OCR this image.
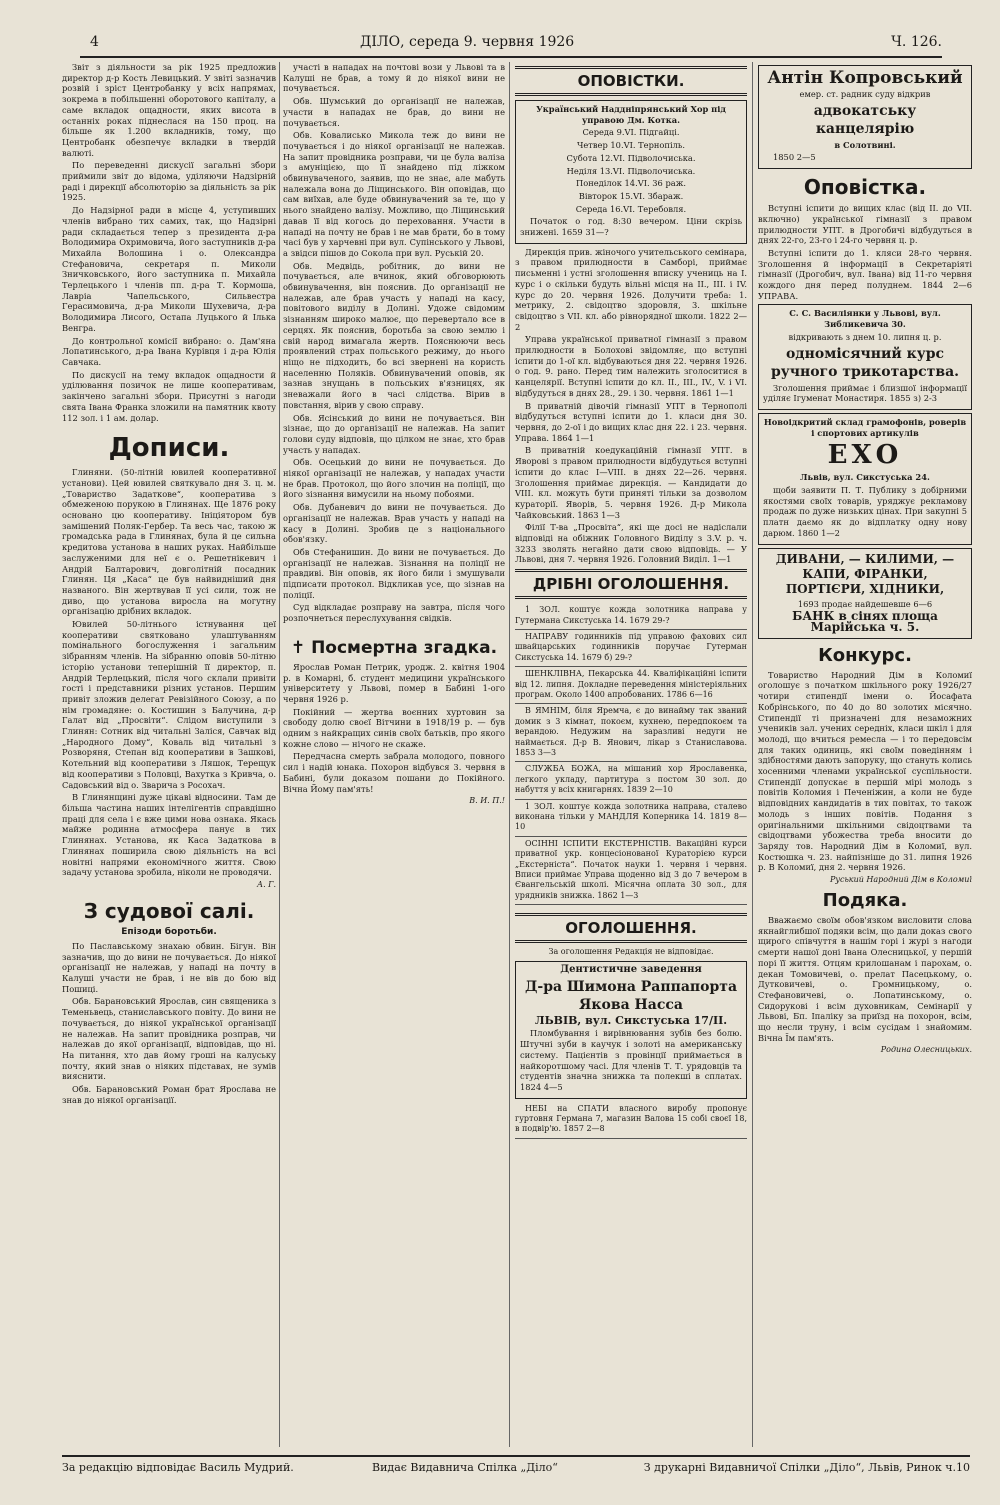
4	ДІЛО, середа 9. червня 1926	Ч. 126.

Звіт з діяльности за рік 1925 предложив директор д-р Кость Левицький. У звіті зазначив розвій і зріст Центробанку у всіх напрямах, зокрема в побільшенні оборотового капіталу, а саме вкладок ощадности, яких висота в останніх роках піднеслася на 150 проц. на більше як 1.200 вкладників, тому, що Центробанк обезпечує вкладки в твердій валюті.

По переведенні дискусії загальні збори приймили звіт до відома, уділяючи Надзірній раді і дирекції абсолюторію за діяльність за рік 1925.

До Надзірної ради в місце 4, уступивших членів вибрано тих самих, так, що Надзірні ради складається тепер з президента д-ра Володимира Охримовича, його заступників д-ра Михайла Волошина і о. Олександра Стефановича, секретаря п. Миколи Зничковського, його заступника п. Михайла Терлецького і членів пп. д-ра Т. Кормоша, Лавріа Чапельського, Сильвестра Герасимовича, д-ра Миколи Шухевича, д-ра Володимира Лисого, Остапа Луцького й Ілька Венгра.

До контрольної комісії вибрано: о. Дам'яна Лопатинського, д-ра Івана Курівця і д-ра Юлія Савчака.

По дискусії на тему вкладок ощадности й уділювання позичок не лише кооперативам, закінчено загальні збори. Присутні з нагоди свята Івана Франка зложили на памятник квоту 112 зол. і 1 ам. долар.

Дописи.

Глиняни. (50-літній ювилей кооперативної установи). Цей ювилей святкувало дня 3. ц. м. „Товариство Задаткове“, кооператива з обмеженою порукою в Глинянах. Ще 1876 року основано цю кооперативу. Ініціятором був замішений Поляк-Гербер. Та весь час, такою ж громадська рада в Глинянах, була й це сильна кредитова установа в наших руках. Найбільше заслуженими для неї є о. Решетнікевич і Андрій Балтарович, довголітній посадник Глинян. Ця „Каса“ це був найвидніший дня названого. Він жертвував її усі сили, тож не диво, що установа виросла на могутну організацію дрібних вкладок.

Ювилей 50-літнього істнування цеї кооперативи святковано улаштуванням помінального богослуження і загальним зібранням членів. На зібранню оповів 50-літню історію установи теперішній її директор, п. Андрій Терлецький, після чого склали привіти гості і представники різних установ. Першим привіт зложив делегат Ревізійного Союзу, а по нім громадяне: о. Костишин з Балучина, д-р Галат від „Просвіти“. Слідом виступили з Глинян: Сотник від читальні Заліся, Савчак від „Народного Дому“, Коваль від читальні з Розворяня, Степан від кооперативи в Зашкові, Котельний від кооперативи з Ляшок, Терещук від кооперативи з Половці, Вахутка з Кривча, о. Садовський від о. Зварича з Росохач.

В Глинянщині дуже цікаві відносини. Там де більша частина наших інтелігентів справдішно праці для села і є вже цими нова ознака. Якась майже родинна атмосфера панує в тих Глинянах. Установа, як Каса Задаткова в Глинянах поширила свою діяльність на всі новітні напрями економічного життя. Свою задачу установа зробила, ніколи не проводячи.

А. Г.
З судової салі.
Епізоди боротьби.

По Паславському знахаю обвин. Бігун. Він зазначив, що до вини не почувається. До ніякої організації не належав, у нападі на почту в Калуші участи не брав, і не вів до бою від Пошиці.

Обв. Барановський Ярослав, син священика з Теменьвець, станиславського повіту. До вини не почувається, до ніякої української організації не належав. На запит провідника розправ, чи належав до якої організації, відповідав, що ні. На питання, хто дав йому гроші на калуську почту, який знав о ніяких підставах, не зумів вияснити.

Обв. Барановський Роман брат Ярослава не знав до ніякої організації.

участі в нападах на почтові вози у Львові та в Калуші не брав, а тому й до ніякої вини не почувається.

Обв. Шумський до організації не належав, участи в нападах не брав, до вини не почувається.

Обв. Ковалисько Микола теж до вини не почувається і до ніякої організації не належав. На запит провідника розправи, чи це була валіза з амуніцією, що її знайдено під ліжком обвинуваченого, заявив, що не знає, але мабуть належала вона до Ліщинського. Він оповідав, що сам виїхав, але буде обвинувачений за те, що у нього знайдено валізу. Можливо, що Ліщинський давав її від когось до переховання. Участи в нападі на почту не брав і не мав брати, бо в тому часі був у харчевні при вул. Супінського у Львові, а звідси пішов до Сокола при вул. Руській 20.

Обв. Медвідь, робітник, до вини не почувається, але вчинок, який обговорюють обвинувачення, він пояснив. До організації не належав, але брав участь у нападі на касу, повітового виділу в Долині. Удоже свідомим зізнанням широко малює, що перевертало все в серцях. Як пояснив, боротьба за свою землю і свій народ вимагала жертв. Пояснюючи весь проявлений страх польського режиму, до нього ніщо не підходить, бо всі звернені на користь населенню Поляків. Обвинувачений оповів, як зазнав знущань в польських в'язницях, як зневажали його в часі слідства. Вірив в повстання, вірив у свою справу.

Обв. Ясінський до вини не почувається. Він зізнає, що до організації не належав. На запит голови суду відповів, що цілком не знає, хто брав участь у нападах.

Обв. Осецький до вини не почувається. До ніякої організації не належав, у нападах участи не брав. Протокол, що його злочин на поліції, що його зізнання вимусили на ньому побоями.

Обв. Дубаневич до вини не почувається. До організації не належав. Врав участь у нападі на касу в Долині. Зробив це з національного обов'язку.

Обв Стефанишин. До вини не почувається. До організації не належав. Зізнання на поліції не правдиві. Він оповів, як його били і змушували підписати протокол. Відкликав усе, що зізнав на поліції.

Суд відкладає розправу на завтра, після чого розпочнеться переслухування свідків.

✝ Посмертна згадка.

Ярослав Роман Петрик, уродж. 2. квітня 1904 р. в Комарні, б. студент медицини українського університету у Львові, помер в Бабині 1-ого червня 1926 р.

Покійний — жертва воєнних хуртовин за свободу долю своєї Вітчини в 1918/19 р. — був одним з найкращих синів своїх батьків, про якого кожне слово — нічого не скаже.

Передчасна смерть забрала молодого, повного сил і надій юнака. Похорон відбувся 3. червня в Бабині, були доказом пошани до Покійного. Вічна Йому пам'ять!

В. И. П.!
ОПОВІСТКИ.

Український Наддніпрянський Хор під управою Дм. Котка.

Середа 9.VI. Підгайці.

Четвер 10.VI. Тернопіль.

Субота 12.VI. Підволочиська.

Неділя 13.VI. Підволочиська.

Понеділок 14.VI. 36 раж.

Вівторок 15.VI. Збараж.

Середа 16.VI. Теребовля.

Початок о год. 8:30 вечером. Ціни скрізь знижені. 1659 31—?

Дирекція прив. жіночого учительського семінара, з правом прилюдности в Самборі, приймає письменні і устні зголошення вписку учениць на I. курс і о скільки будуть вільні місця на II., III. і IV. курс до 20. червня 1926. Долучити треба: 1. метрику, 2. свідоцтво здоровля, 3. шкільне свідоцтво з VII. кл. або рівнорядної школи. 1822 2—2

Управа української приватної гімназії з правом прилюдности в Болохові звідомляє, що вступні іспити до 1-ої кл. відбуваються дня 22. червня 1926. о год. 9. рано. Перед тим належить зголоситися в канцелярії. Вступні іспити до кл. II., III., IV., V. і VI. відбудуться в днях 28., 29. і 30. червня. 1861 1—1

В приватній дівочій гімназії УПТ в Тернополі відбудуться вступні іспити до 1. класи дня 30. червня, до 2-ої і до вищих клас дня 22. і 23. червня. Управа. 1864 1—1

В приватній коедукаційній гімназії УПТ. в Яворові з правом прилюдности відбудуться вступні іспити до клас I—VIII. в днях 22—26. червня. Зголошення приймає дирекція. — Кандидати до VIII. кл. можуть бути приняті тільки за дозволом кураторії. Яворів, 5. червня 1926. Д-р Микола Чайковський. 1863 1—3

Філії Т-ва „Просвіта“, які ще досі не надіслали відповіді на обіжник Головного Виділу з 3.V. р. ч. 3233 зволять негайно дати свою відповідь. — У Львові, дня 7. червня 1926. Головний Виділ. 1—1

ДРІБНІ ОГОЛОШЕННЯ.

1 ЗОЛ. коштує кожда золотника направа у Гутермана Сикстуська 14. 1679 29-?

НАПРАВУ годинників під управою фахових сил швайцарських годинників поручає Гутерман Сикстуська 14. 1679 б) 29-?

ШЕНКЛІВНА, Пекарська 44. Кваліфікаційні іспити від 12. липня. Докладне переведення міністеріяльних програм. Около 1400 апробованих. 1786 6—16

В ЯМНІМ, біля Яремча, є до винайму так званий домик з 3 кімнат, покоєм, кухнею, передпокоєм та верандою. Недужим на заразливі недуги не наймається. Д-р В. Янович, лікар з Станиславова. 1853 3—3

СЛУЖБА БОЖА, на мішаний хор Ярославенка, легкого укладу, партитура з постом 30 зол. до набуття у всіх книгарнях. 1839 2—10

1 ЗОЛ. коштує кожда золотника направа, сталево виконана тільки у МАНДЛЯ Коперника 14. 1819 8—10

ОСІННІ ІСПИТИ ЕКСТЕРНІСТІВ. Вакаційні курси приватної укр. концесіонованої Кураторією курси „Екстерніста“. Початок науки 1. червня і червня. Вписи приймає Управа щоденно від 3 до 7 вечером в Євангельській школі. Місячна оплата 30 зол., для урядників знижка. 1862 1—3

ОГОЛОШЕННЯ.

За оголошення Редакція не відповідає.

Дентистичне заведення

Д-ра Шимона Раппапорта Якова Насса

ЛЬВІВ, вул. Сикстуська 17/II.

Пломбування і вирівнювання зубів без болю. Штучні зуби в каучук і золоті на американську систему. Пацієнтів з провінції приймається в найкоротшому часі. Для членів Т. Т. урядовців та студентів значна знижка та полекші в сплатах. 1824 4—5

НЕБІ на СПАТИ власного виробу пропонує гуртовня Германа 7, магазин Валова 15 собі своєї 18, в подвір'ю. 1857 2—8

Антін Копровський

емер. ст. радник суду відкрив

адвокатську канцелярію

в Солотвині.

1850 2—5

Оповістка.

Вступні іспити до вищих клас (від II. до VII. включно) української гімназії з правом прилюдности УПТ. в Дрогобичі відбудуться в днях 22-го, 23-го і 24-го червня ц. р.

Вступні іспити до 1. кляси 28-го червня. Зголошення й інформації в Секретаріяті гімназії (Дрогобич, вул. Івана) від 11-го червня кождого дня перед полуднем. 1844 2—6 УПРАВА.

С. С. Василіянки у Львові, вул. Зибликевича 30.

відкривають з днем 10. липня ц. р.

одномісячний курс ручного трикотарства.

Зголошення приймає і близшої інформації уділяє Ігуменат Монастиря. 1855 з) 2-3

Новоідкритий склад грамофонів, роверів і спортових артикулів

ЕХО

Львів, вул. Сикстуська 24.

щоби заявити П. Т. Публику з добірними якостями своїх товарів, уряджує рекламову продаж по дуже низьких цінах. При закупні 5 платн даємо як до відплатку одну нову дарюм. 1860 1—2

ДИВАНИ, — КИЛИМИ, — КАПИ, ФІРАНКИ, ПОРТІЄРИ, ХІДНИКИ,

1693 продає найдешевше 6—6

БАНК в сінях площа Марійська ч. 5.

Конкурс.

Товариство Народний Дім в Коломиї оголошує з початком шкільного року 1926/27 чотири стипендії імени о. Йосафата Кобрінського, по 40 до 80 золотих місячно. Стипендії ті призначені для незаможних учеників зал. учених середніх, класи шкіл і для молоді, що вчиться ремесла — і то передовсім для таких одиниць, які своїм поведінням і здібностями дають запоруку, що стануть колись хосенними членами української суспільности. Стипендії допускає в першій мірі молодь з повітів Коломия і Печеніжин, а коли не буде відповідних кандидатів в тих повітах, то також молодь з інших повітів. Подання з оригінальними шкільними свідоцтвами та свідоцтвами убожества треба вносити до Заряду тов. Народний Дім в Коломиї, вул. Костюшка ч. 23. найпізніше до 31. липня 1926 р. В Коломиї, дня 2. червня 1926.

Руський Народний Дім в Коломиї
Подяка.

Вважаємо своїм обов'язком висловити слова якнайглибшої подяки всім, що дали доказ свого щирого співчуття в нашім горі і журі з нагоди смерти нашої доні Івана Олесницької, у першій порі її життя. Отцям крилошанам і парохам, о. декан Томовичеві, о. прелат Пасецькому, о. Дутковичеві, о. Громницькому, о. Стефановичеві, о. Лопатинському, о. Сидорукові і всім духовникам, Семінарії у Львові, Бп. Іпаліку за приїзд на похорон, всім, що несли труну, і всім сусідам і знайомим. Вічна Їм пам'ять.

Родина Олесницьких.
За редакцію відповідає Василь Мудрий.	Видає Видавнича Спілка „Діло“	З друкарні Видавничої Спілки „Діло“, Львів, Ринок ч.10
